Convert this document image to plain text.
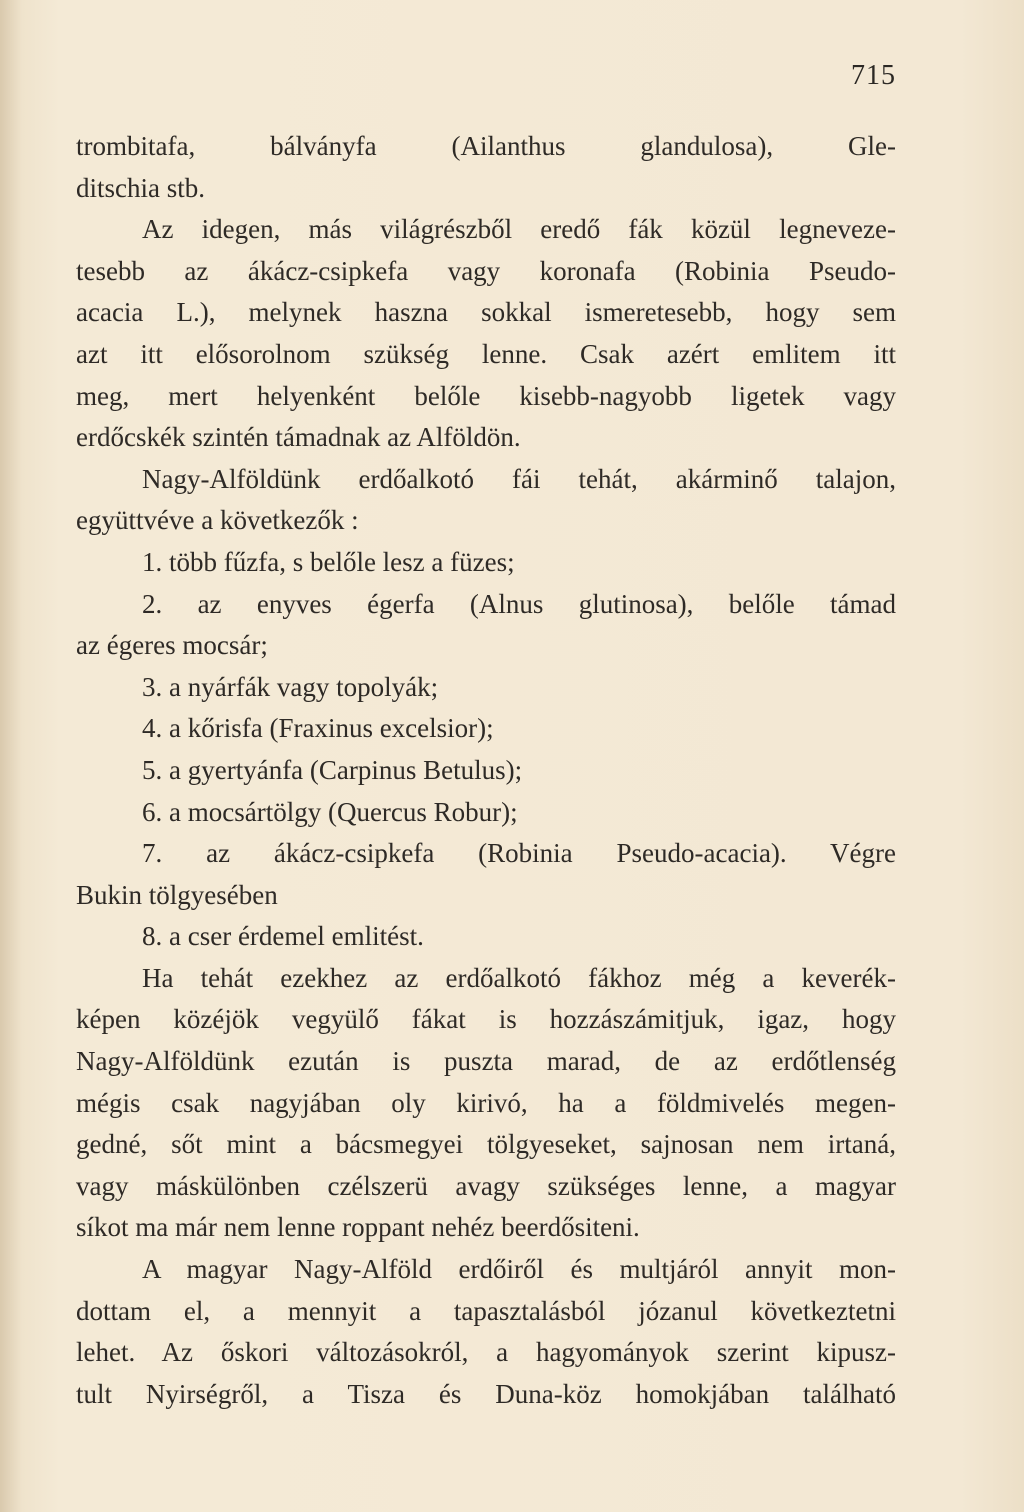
715
trombitafa, bálványfa (Ailanthus glandulosa), Gle-
ditschia stb.
Az idegen, más világrészből eredő fák közül legneveze-
tesebb az ákácz-csipkefa vagy koronafa (Robinia Pseudo-
acacia L.), melynek haszna sokkal ismeretesebb, hogy sem
azt itt elősorolnom szükség lenne. Csak azért emlitem itt
meg, mert helyenként belőle kisebb-nagyobb ligetek vagy
erdőcskék szintén támadnak az Alföldön.
Nagy-Alföldünk erdőalkotó fái tehát, akárminő talajon,
együttvéve a következők :
1. több fűzfa, s belőle lesz a füzes;
2. az enyves égerfa (Alnus glutinosa), belőle támad
az égeres mocsár;
3. a nyárfák vagy topolyák;
4. a kőrisfa (Fraxinus excelsior);
5. a gyertyánfa (Carpinus Betulus);
6. a mocsártölgy (Quercus Robur);
7. az ákácz-csipkefa (Robinia Pseudo-acacia). Végre
Bukin tölgyesében
8. a cser érdemel emlitést.
Ha tehát ezekhez az erdőalkotó fákhoz még a keverék-
képen közéjök vegyülő fákat is hozzászámitjuk, igaz, hogy
Nagy-Alföldünk ezután is puszta marad, de az erdőtlenség
mégis csak nagyjában oly kirivó, ha a földmivelés megen-
gedné, sőt mint a bácsmegyei tölgyeseket, sajnosan nem irtaná,
vagy máskülönben czélszerü avagy szükséges lenne, a magyar
síkot ma már nem lenne roppant nehéz beerdősiteni.
A magyar Nagy-Alföld erdőiről és multjáról annyit mon-
dottam el, a mennyit a tapasztalásból józanul következtetni
lehet. Az őskori változásokról, a hagyományok szerint kipusz-
tult Nyirségről, a Tisza és Duna-köz homokjában található
